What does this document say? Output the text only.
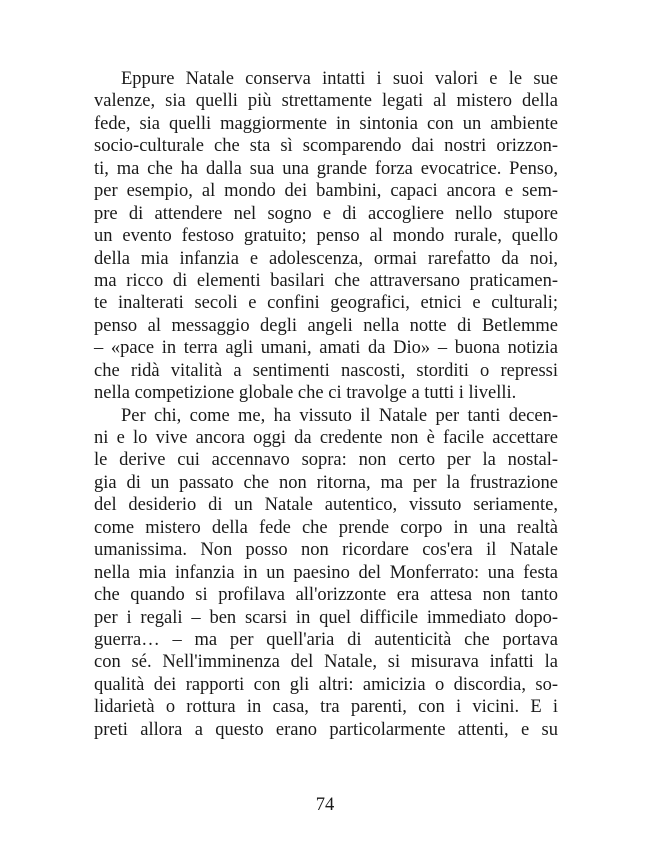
Eppure Natale conserva intatti i suoi valori e le sue
valenze, sia quelli più strettamente legati al mistero della
fede, sia quelli maggiormente in sintonia con un ambiente
socio-culturale che sta sì scomparendo dai nostri orizzon-
ti, ma che ha dalla sua una grande forza evocatrice. Penso,
per esempio, al mondo dei bambini, capaci ancora e sem-
pre di attendere nel sogno e di accogliere nello stupore
un evento festoso gratuito; penso al mondo rurale, quello
della mia infanzia e adolescenza, ormai rarefatto da noi,
ma ricco di elementi basilari che attraversano praticamen-
te inalterati secoli e confini geografici, etnici e culturali;
penso al messaggio degli angeli nella notte di Betlemme
– «pace in terra agli umani, amati da Dio» – buona notizia
che ridà vitalità a sentimenti nascosti, storditi o repressi
nella competizione globale che ci travolge a tutti i livelli.
Per chi, come me, ha vissuto il Natale per tanti decen-
ni e lo vive ancora oggi da credente non è facile accettare
le derive cui accennavo sopra: non certo per la nostal-
gia di un passato che non ritorna, ma per la frustrazione
del desiderio di un Natale autentico, vissuto seriamente,
come mistero della fede che prende corpo in una realtà
umanissima. Non posso non ricordare cos'era il Natale
nella mia infanzia in un paesino del Monferrato: una festa
che quando si profilava all'orizzonte era attesa non tanto
per i regali – ben scarsi in quel difficile immediato dopo-
guerra… – ma per quell'aria di autenticità che portava
con sé. Nell'imminenza del Natale, si misurava infatti la
qualità dei rapporti con gli altri: amicizia o discordia, so-
lidarietà o rottura in casa, tra parenti, con i vicini. E i
preti allora a questo erano particolarmente attenti, e su
74
